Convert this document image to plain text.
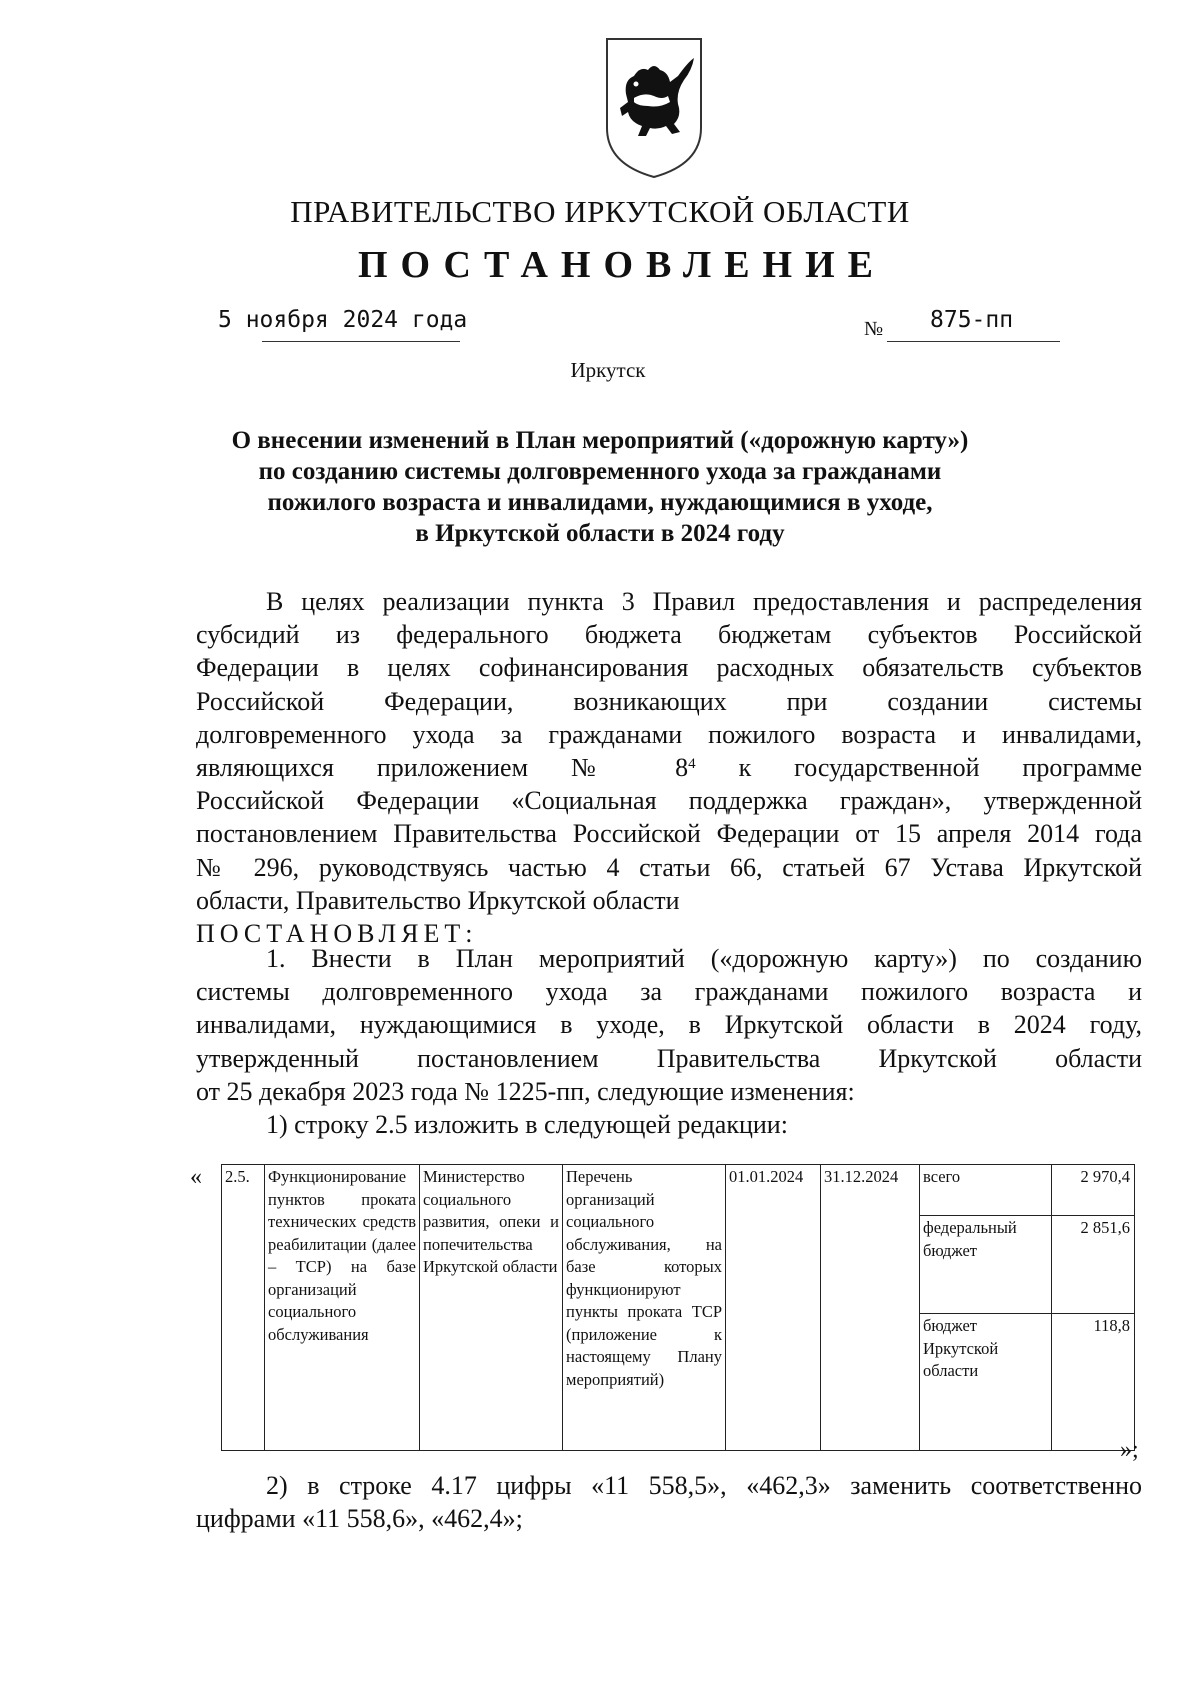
ПРАВИТЕЛЬСТВО ИРКУТСКОЙ ОБЛАСТИ
ПОСТАНОВЛЕНИЕ
5 ноября 2024 года	№ 875-пп
Иркутск
О внесении изменений в План мероприятий («дорожную карту»)
по созданию системы долговременного ухода за гражданами
пожилого возраста и инвалидами, нуждающимися в уходе,
в Иркутской области в 2024 году
В целях реализации пункта 3 Правил предоставления и распределения
субсидий из федерального бюджета бюджетам субъектов Российской
Федерации в целях софинансирования расходных обязательств субъектов
Российской Федерации, возникающих при создании системы
долговременного ухода за гражданами пожилого возраста и инвалидами,
являющихся приложением № $8^4$ к государственной программе
Российской Федерации «Социальная поддержка граждан», утвержденной
постановлением Правительства Российской Федерации от 15 апреля 2014 года
№ 296, руководствуясь частью 4 статьи 66, статьей 67 Устава Иркутской
области, Правительство Иркутской области
ПОСТАНОВЛЯЕТ:
1. Внести в План мероприятий («дорожную карту») по созданию
системы долговременного ухода за гражданами пожилого возраста и
инвалидами, нуждающимися в уходе, в Иркутской области в 2024 году,
утвержденный постановлением Правительства Иркутской области
от 25 декабря 2023 года № 1225-пп, следующие изменения:
1) строку 2.5 изложить в следующей редакции:
« 2.5.	Функционирование пунктов проката технических средств реабилитации (далее – ТСР) на базе организаций социального обслуживания	Министерство социального развития, опеки и попечительства Иркутской области	Перечень организаций социального обслуживания, на базе которых функционируют пункты проката ТСР (приложение к настоящему Плану мероприятий)	01.01.2024	31.12.2024	всего	2 970,4
федеральный бюджет	2 851,6
бюджет Иркутской области	118,8
»;
2) в строке 4.17 цифры «11 558,5», «462,3» заменить соответственно
цифрами «11 558,6», «462,4»;
